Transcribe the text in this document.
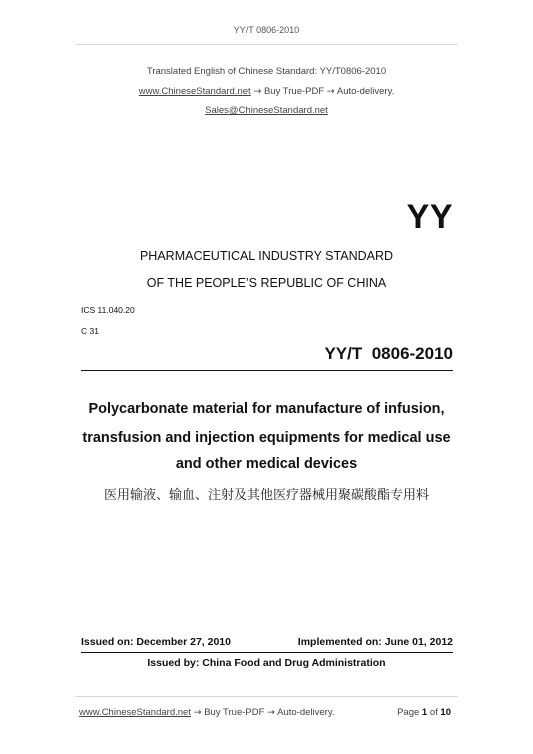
YY/T 0806-2010
Translated English of Chinese Standard: YY/T0806-2010
www.ChineseStandard.net → Buy True-PDF → Auto-delivery.
Sales@ChineseStandard.net
YY
PHARMACEUTICAL INDUSTRY STANDARD
OF THE PEOPLE’S REPUBLIC OF CHINA
ICS 11.040.20
C 31
YY/T  0806-2010
Polycarbonate material for manufacture of infusion,
transfusion and injection equipments for medical use
and other medical devices
医用输液、输血、注射及其他医疗器械用聚碳酸酯专用料
Issued on: December 27, 2010	Implemented on: June 01, 2012
Issued by: China Food and Drug Administration
www.ChineseStandard.net → Buy True-PDF → Auto-delivery.	Page 1 of 10
